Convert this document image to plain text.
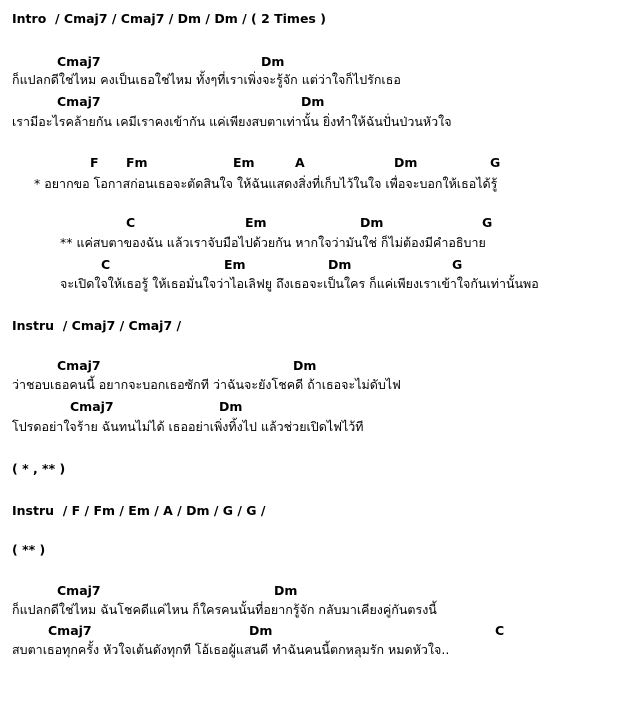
Intro  / Cmaj7 / Cmaj7 / Dm / Dm / ( 2 Times )

Cmaj7

	Dm

ก็แปลกดีใช่ไหม คงเป็นเธอใช่ไหม ทั้งๆที่เราเพิ่งจะรู้จัก แต่ว่าใจก็ไปรักเธอ

Cmaj7

	Dm

เรามีอะไรคล้ายกัน เคมีเราคงเข้ากัน แค่เพียงสบตาเท่านั้น ยิ่งทำให้ฉันปั่นป่วนหัวใจ

F

Fm

	Em

	A

	Dm

	G

* อยากขอ โอกาสก่อนเธอจะตัดสินใจ ให้ฉันแสดงสิ่งที่เก็บไว้ในใจ เพื่อจะบอกให้เธอได้รู้

C

	Em

	Dm

	G

** แค่สบตาของฉัน แล้วเราจับมือไปด้วยกัน หากใจว่ามันใช่ ก็ไม่ต้องมีคำอธิบาย

C

	Em

	Dm

	G

จะเปิดใจให้เธอรู้ ให้เธอมั่นใจว่าไอเลิฟยู ถึงเธอจะเป็นใคร ก็แค่เพียงเราเข้าใจกันเท่านั้นพอ
Instru  / Cmaj7 / Cmaj7 /

Cmaj7

	Dm

ว่าชอบเธอคนนี้ อยากจะบอกเธอซักที ว่าฉันจะยังโชคดี ถ้าเธอจะไม่ดับไฟ

Cmaj7

	Dm

โปรดอย่าใจร้าย ฉันทนไม่ได้ เธออย่าเพิ่งทิ้งไป แล้วช่วยเปิดไฟไว้ที
( * , ** )
Instru  / F / Fm / Em / A / Dm / G / G /
( ** )

Cmaj7

	Dm

ก็แปลกดีใช่ไหม ฉันโชคดีแค่ไหน ก็ใครคนนั้นที่อยากรู้จัก กลับมาเคียงคู่กันตรงนี้

Cmaj7

	Dm

	C

สบตาเธอทุกครั้ง หัวใจเต้นดังทุกที โอ้เธอผู้แสนดี ทำฉันคนนี้ตกหลุมรัก หมดหัวใจ..
